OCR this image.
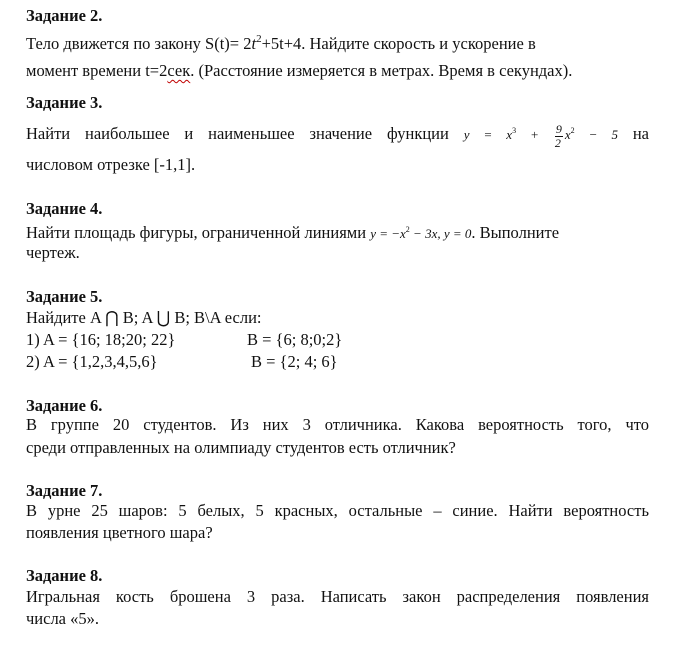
Задание 2.
Тело движется по закону $S(t)= 2t^2+5t+4$. Найдите скорость и ускорение в
момент времени t=2сек. (Расстояние измеряется в метрах. Время в секундах).
Задание 3.
Найти наибольшее и наименьшее значение функции $y = x^3 + \frac{9}{2} x^2 - 5$ на
числовом отрезке [-1,1].
Задание 4.
Найти площадь фигуры, ограниченной линиями $y = -x^2 - 3x$, y = 0. Выполните
чертеж.
Задание 5.
Найдите A ⋂ B; A ⋃ B; B\A если:
1) A = {16; 18;20; 22}	B = {6; 8;0;2}
2) A = {1,2,3,4,5,6}	B = {2; 4; 6}
Задание 6.
В группе 20 студентов. Из них 3 отличника. Какова вероятность того, что
среди отправленных на олимпиаду студентов есть отличник?
Задание 7.
В урне 25 шаров: 5 белых, 5 красных, остальные – синие. Найти вероятность
появления цветного шара?
Задание 8.
Игральная кость брошена 3 раза. Написать закон распределения появления
числа «5».
